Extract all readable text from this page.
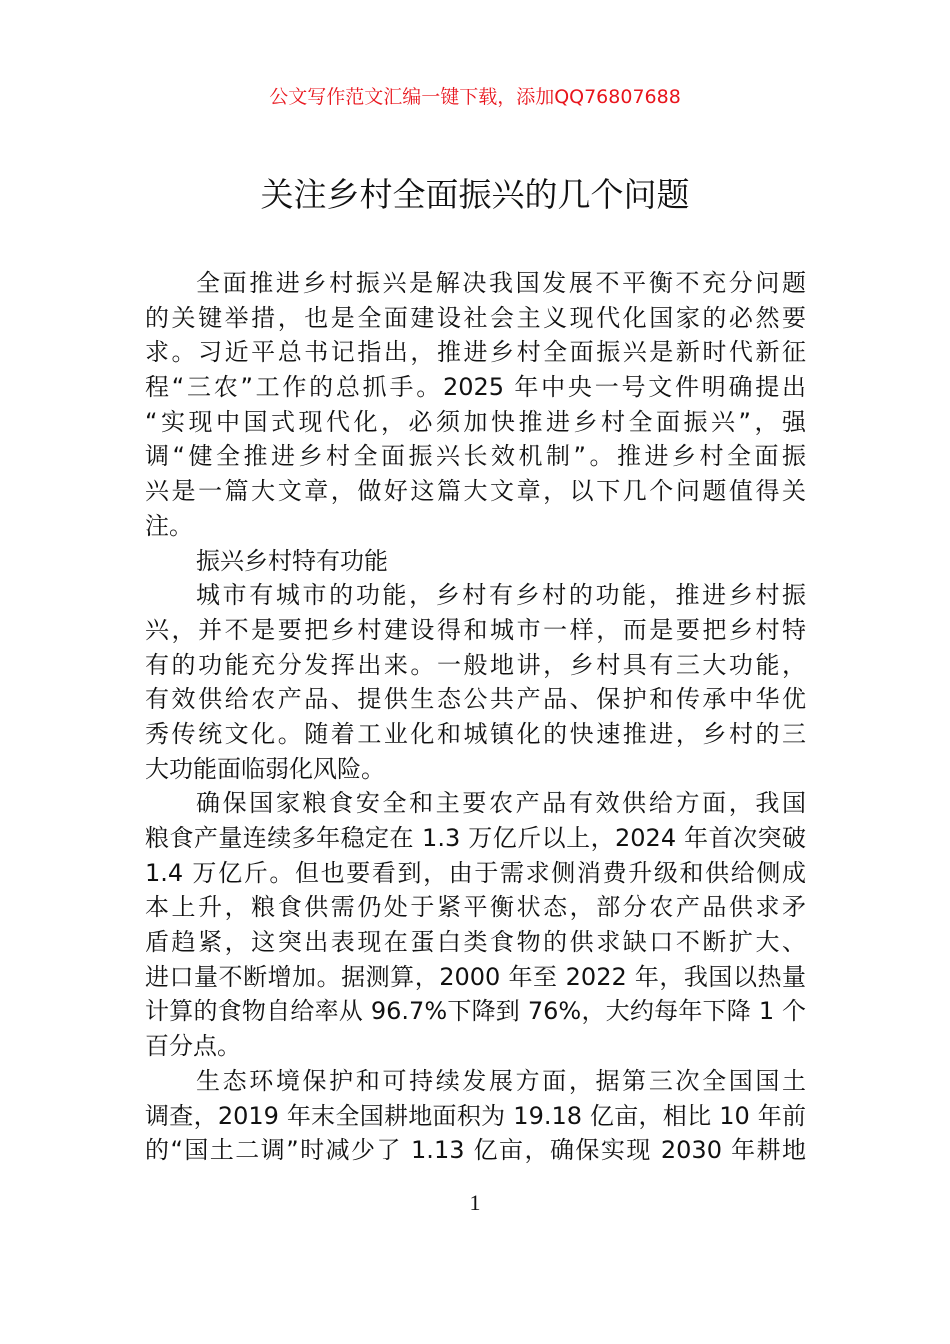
公文写作范文汇编一键下载，添加QQ76807688
关注乡村全面振兴的几个问题
全面推进乡村振兴是解决我国发展不平衡不充分问题
的关键举措，也是全面建设社会主义现代化国家的必然要
求。习近平总书记指出，推进乡村全面振兴是新时代新征
程“三农”工作的总抓手。2025 年中央一号文件明确提出
“实现中国式现代化，必须加快推进乡村全面振兴”，强
调“健全推进乡村全面振兴长效机制”。推进乡村全面振
兴是一篇大文章，做好这篇大文章，以下几个问题值得关
注。
振兴乡村特有功能
城市有城市的功能，乡村有乡村的功能，推进乡村振
兴，并不是要把乡村建设得和城市一样，而是要把乡村特
有的功能充分发挥出来。一般地讲，乡村具有三大功能，
有效供给农产品、提供生态公共产品、保护和传承中华优
秀传统文化。随着工业化和城镇化的快速推进，乡村的三
大功能面临弱化风险。
确保国家粮食安全和主要农产品有效供给方面，我国
粮食产量连续多年稳定在 1.3 万亿斤以上，2024 年首次突破
1.4 万亿斤。但也要看到，由于需求侧消费升级和供给侧成
本上升，粮食供需仍处于紧平衡状态，部分农产品供求矛
盾趋紧，这突出表现在蛋白类食物的供求缺口不断扩大、
进口量不断增加。据测算，2000 年至 2022 年，我国以热量
计算的食物自给率从 96.7%下降到 76%，大约每年下降 1 个
百分点。
生态环境保护和可持续发展方面，据第三次全国国土
调查，2019 年末全国耕地面积为 19.18 亿亩，相比 10 年前
的“国土二调”时减少了 1.13 亿亩，确保实现 2030 年耕地
1
